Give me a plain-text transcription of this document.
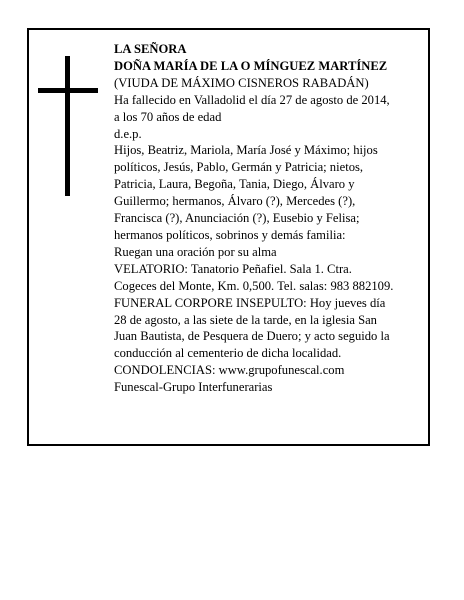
LA SEÑORA
DOÑA MARÍA DE LA O MÍNGUEZ MARTÍNEZ
(VIUDA DE MÁXIMO CISNEROS RABADÁN)
Ha fallecido en Valladolid el día 27 de agosto de 2014,
a los 70 años de edad
d.e.p.
Hijos, Beatriz, Mariola, María José y Máximo; hijos
políticos, Jesús, Pablo, Germán y Patricia; nietos,
Patricia, Laura, Begoña, Tania, Diego, Álvaro y
Guillermo; hermanos, Álvaro (?), Mercedes (?),
Francisca (?), Anunciación (?), Eusebio y Felisa;
hermanos políticos, sobrinos y demás familia:
Ruegan una oración por su alma
VELATORIO: Tanatorio Peñafiel. Sala 1. Ctra.
Cogeces del Monte, Km. 0,500. Tel. salas: 983 882109.
FUNERAL CORPORE INSEPULTO: Hoy jueves día
28 de agosto, a las siete de la tarde, en la iglesia San
Juan Bautista, de Pesquera de Duero; y acto seguido la
conducción al cementerio de dicha localidad.
CONDOLENCIAS: www.grupofunescal.com
Funescal-Grupo Interfunerarias
